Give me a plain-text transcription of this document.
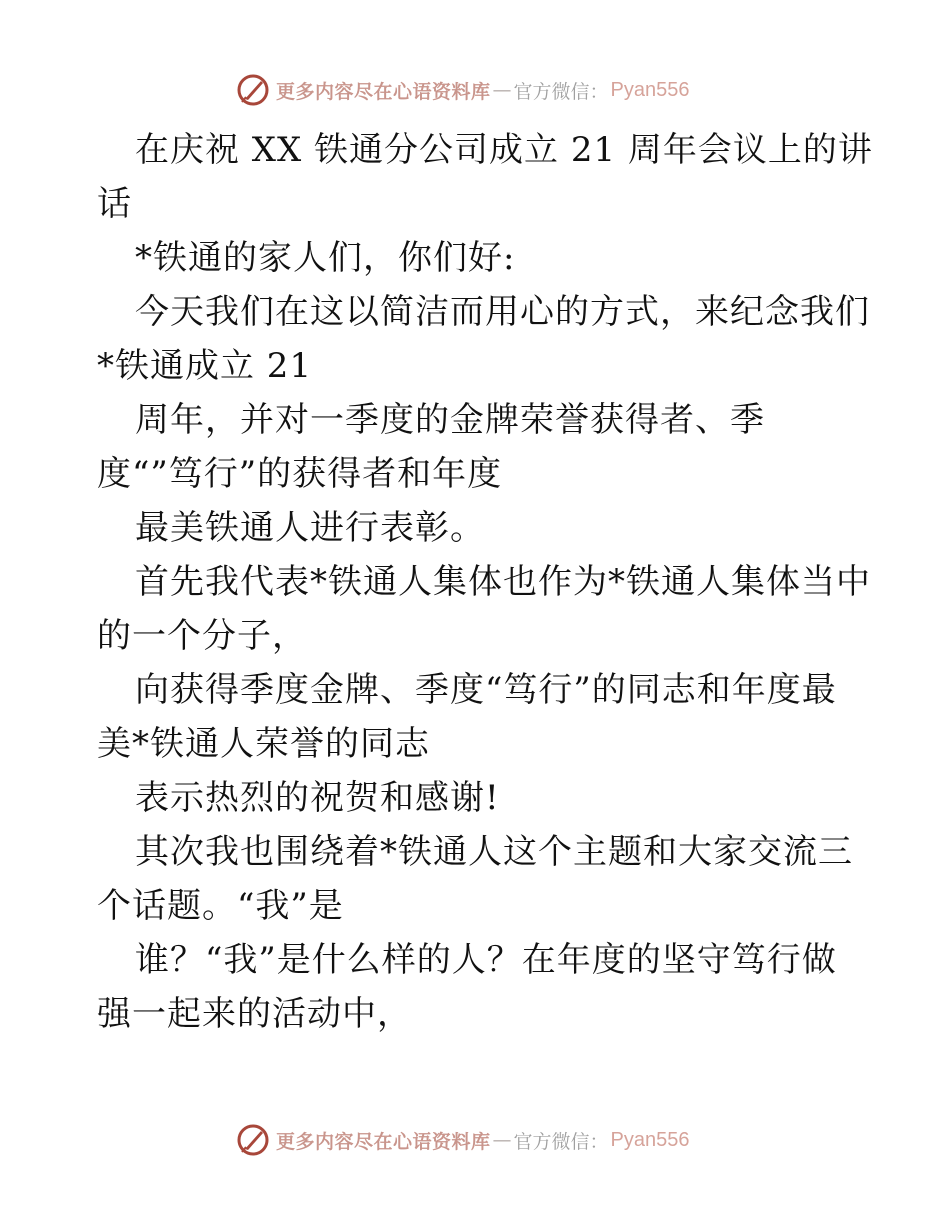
更多内容尽在心语资料库 — 官方微信： Pyan556
在庆祝 XX 铁通分公司成立 21 周年会议上的讲
话
*铁通的家人们，你们好:
今天我们在这以简洁而用心的方式，来纪念我们
*铁通成立 21
周年，并对一季度的金牌荣誉获得者、季
度“”笃行”的获得者和年度
最美铁通人进行表彰。
首先我代表*铁通人集体也作为*铁通人集体当中
的一个分子，
向获得季度金牌、季度“笃行”的同志和年度最
美*铁通人荣誉的同志
表示热烈的祝贺和感谢!
其次我也围绕着*铁通人这个主题和大家交流三
个话题。“我”是
谁？“我”是什么样的人？在年度的坚守笃行做
强一起来的活动中，
更多内容尽在心语资料库 — 官方微信： Pyan556
